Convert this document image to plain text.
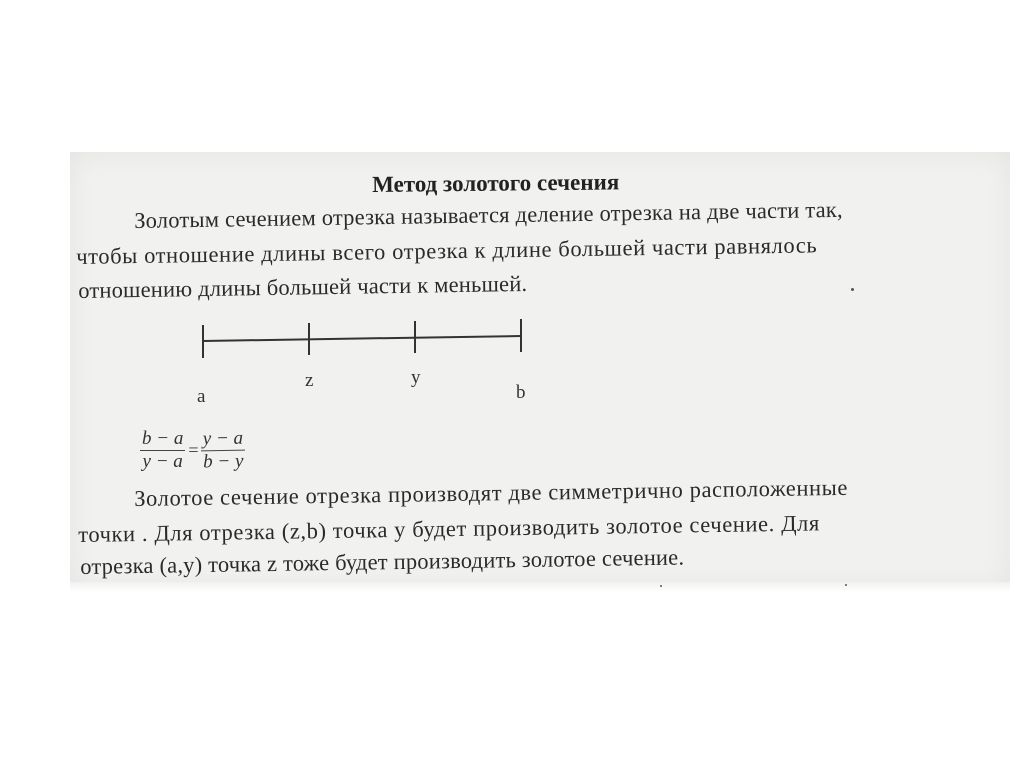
Метод золотого сечения

Золотым сечением отрезка называется деление отрезка на две части так,

чтобы отношение длины всего отрезка к длине большей части равнялось

отношению длины большей части к меньшей.

a
z	y
b
$\frac{b - a}{y - a} = \frac{y - a}{b - y}$

Золотое сечение отрезка производят две симметрично расположенные

точки . Для отрезка (z,b) точка y будет производить золотое сечение. Для

отрезка (a,y) точка z тоже будет производить золотое сечение.
